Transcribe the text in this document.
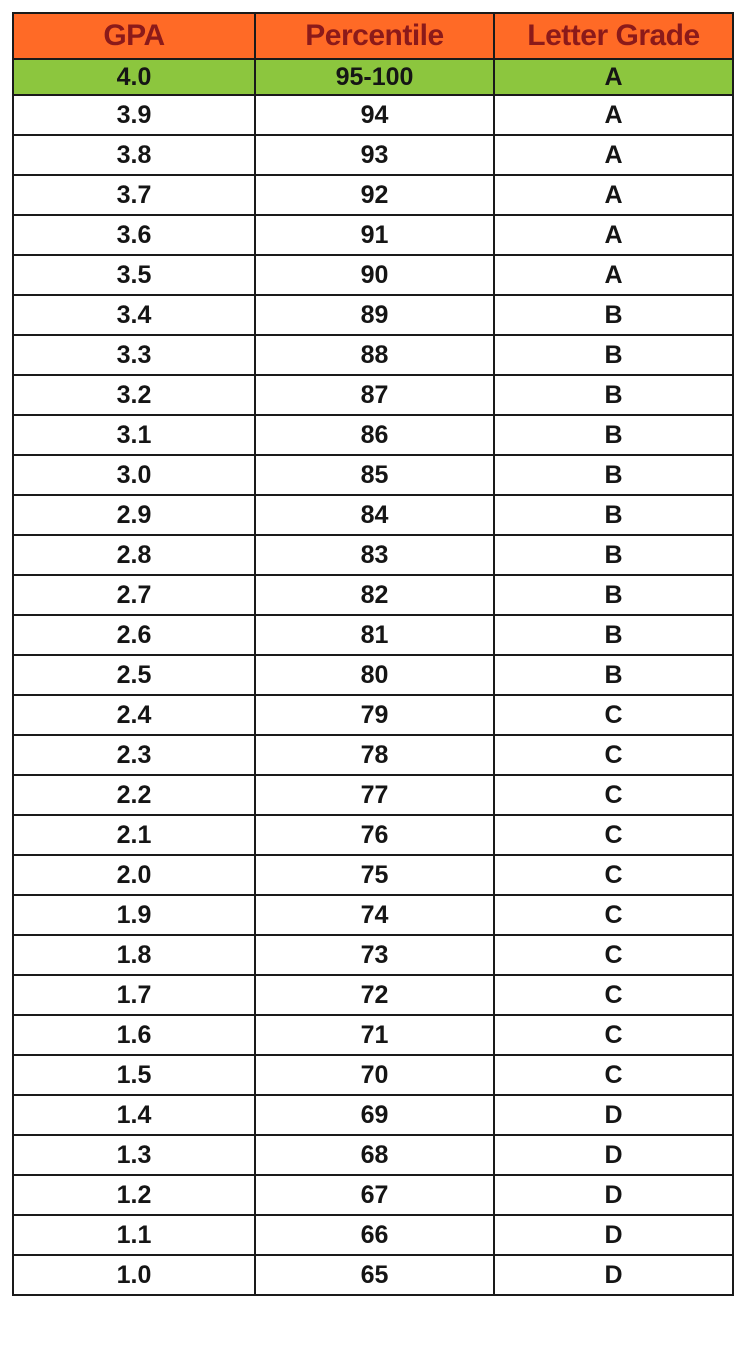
GPA	Percentile	Letter Grade
4.0	95-100	A
3.9	94	A
3.8	93	A
3.7	92	A
3.6	91	A
3.5	90	A
3.4	89	B
3.3	88	B
3.2	87	B
3.1	86	B
3.0	85	B
2.9	84	B
2.8	83	B
2.7	82	B
2.6	81	B
2.5	80	B
2.4	79	C
2.3	78	C
2.2	77	C
2.1	76	C
2.0	75	C
1.9	74	C
1.8	73	C
1.7	72	C
1.6	71	C
1.5	70	C
1.4	69	D
1.3	68	D
1.2	67	D
1.1	66	D
1.0	65	D
